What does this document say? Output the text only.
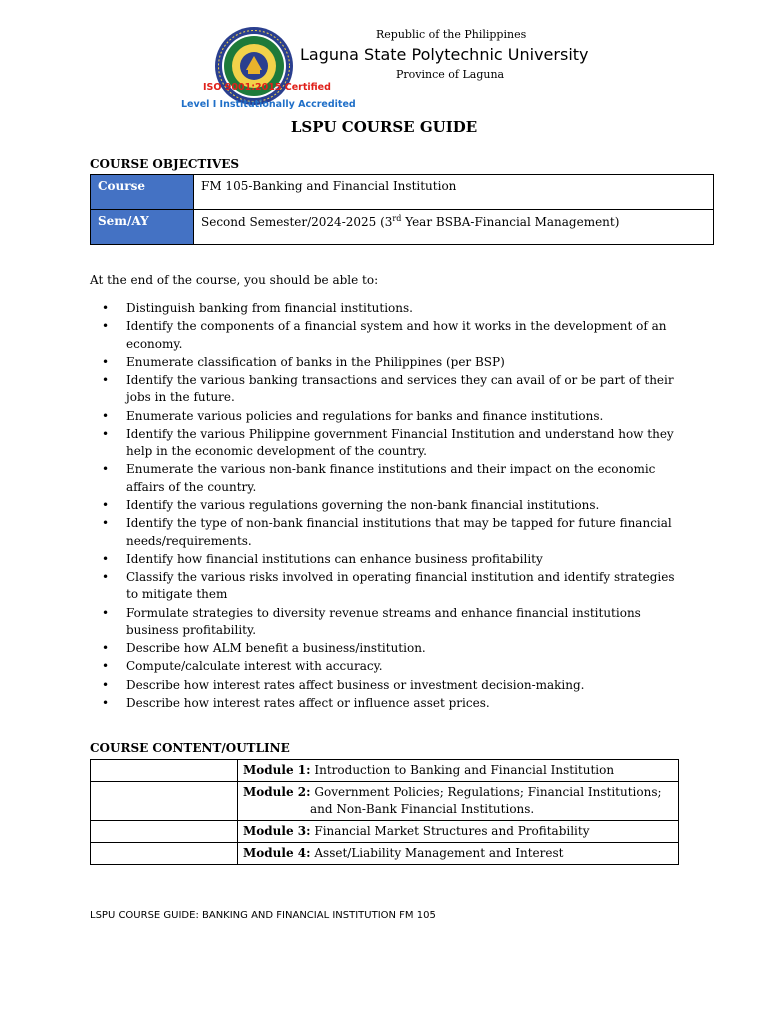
Republic of the Philippines
Laguna State Polytechnic University
Province of Laguna
ISO 9001:2015 Certified
Level I Institutionally Accredited
LSPU COURSE GUIDE
COURSE OBJECTIVES
Course	FM 105-Banking and Financial Institution
Sem/AY	Second Semester/2024-2025 (3rd Year BSBA-Financial Management)
At the end of the course, you should be able to:
• Distinguish banking from financial institutions.
• Identify the components of a financial system and how it works in the development of an economy.
• Enumerate classification of banks in the Philippines (per BSP)
• Identify the various banking transactions and services they can avail of or be part of their jobs in the future.
• Enumerate various policies and regulations for banks and finance institutions.
• Identify the various Philippine government Financial Institution and understand how they help in the economic development of the country.
• Enumerate the various non-bank finance institutions and their impact on the economic affairs of the country.
• Identify the various regulations governing the non-bank financial institutions.
• Identify the type of non-bank financial institutions that may be tapped for future financial needs/requirements.
• Identify how financial institutions can enhance business profitability
• Classify the various risks involved in operating financial institution and identify strategies to mitigate them
• Formulate strategies to diversity revenue streams and enhance financial institutions business profitability.
• Describe how ALM benefit a business/institution.
• Compute/calculate interest with accuracy.
• Describe how interest rates affect business or investment decision-making.
• Describe how interest rates affect or influence asset prices.
COURSE CONTENT/OUTLINE

	Module 1: Introduction to Banking and Financial Institution

	Module 2: Government Policies; Regulations; Financial Institutions; and Non-Bank Financial Institutions.

	Module 3: Financial Market Structures and Profitability

	Module 4: Asset/Liability Management and Interest
LSPU COURSE GUIDE: BANKING AND FINANCIAL INSTITUTION FM 105
